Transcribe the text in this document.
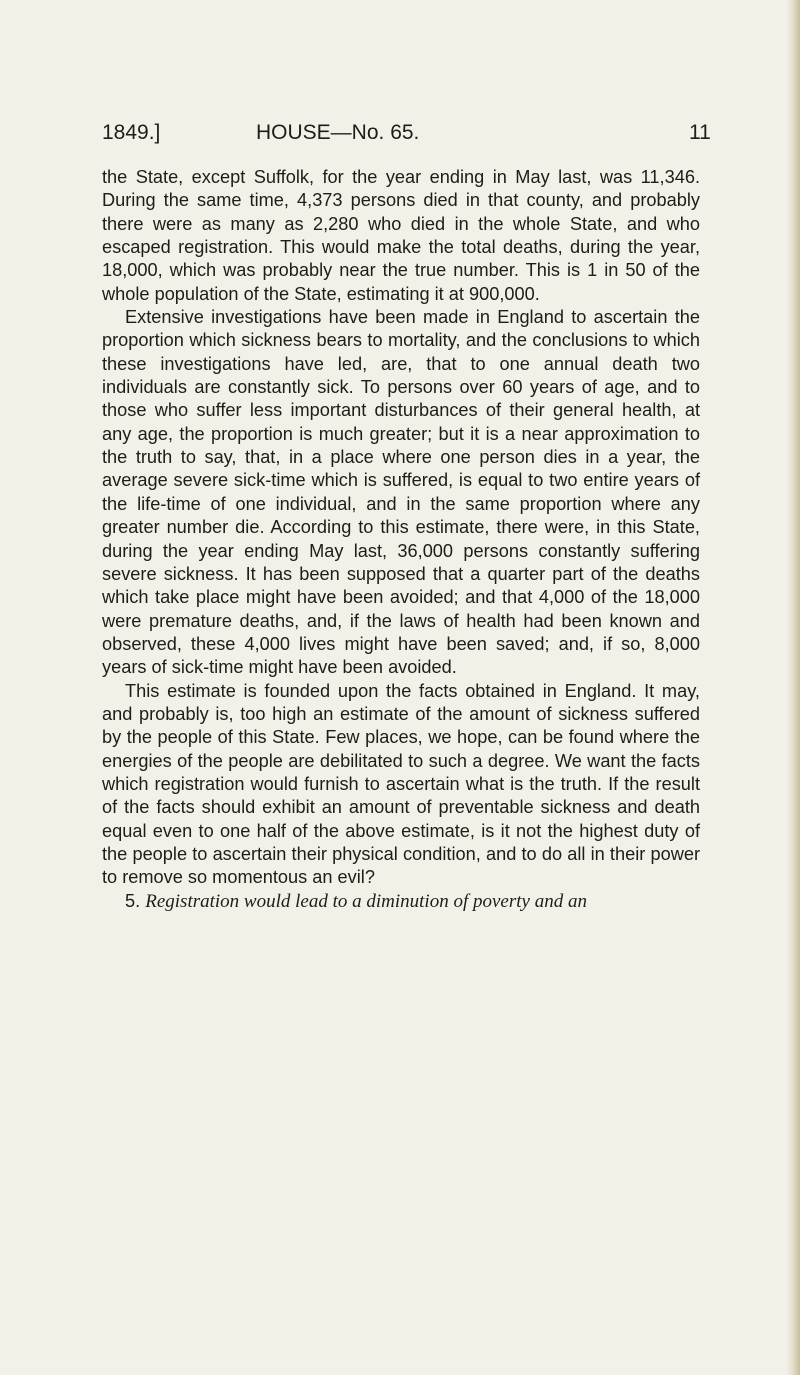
1849.]	HOUSE—No. 65.	11

the State, except Suffolk, for the year ending in May last, was 11,346. During the same time, 4,373 persons died in that county, and probably there were as many as 2,280 who died in the whole State, and who escaped registration. This would make the total deaths, during the year, 18,000, which was probably near the true number. This is 1 in 50 of the whole population of the State, estimating it at 900,000.

Extensive investigations have been made in England to ascertain the proportion which sickness bears to mortality, and the conclusions to which these investigations have led, are, that to one annual death two individuals are constantly sick. To persons over 60 years of age, and to those who suffer less important disturbances of their general health, at any age, the proportion is much greater; but it is a near approximation to the truth to say, that, in a place where one person dies in a year, the average severe sick-time which is suffered, is equal to two entire years of the life-time of one individual, and in the same proportion where any greater number die. According to this estimate, there were, in this State, during the year ending May last, 36,000 persons constantly suffering severe sickness. It has been supposed that a quarter part of the deaths which take place might have been avoided; and that 4,000 of the 18,000 were premature deaths, and, if the laws of health had been known and observed, these 4,000 lives might have been saved; and, if so, 8,000 years of sick-time might have been avoided.

This estimate is founded upon the facts obtained in England. It may, and probably is, too high an estimate of the amount of sickness suffered by the people of this State. Few places, we hope, can be found where the energies of the people are debilitated to such a degree. We want the facts which registration would furnish to ascertain what is the truth. If the result of the facts should exhibit an amount of preventable sickness and death equal even to one half of the above estimate, is it not the highest duty of the people to ascertain their physical condition, and to do all in their power to remove so momentous an evil?

5. Registration would lead to a diminution of poverty and an
